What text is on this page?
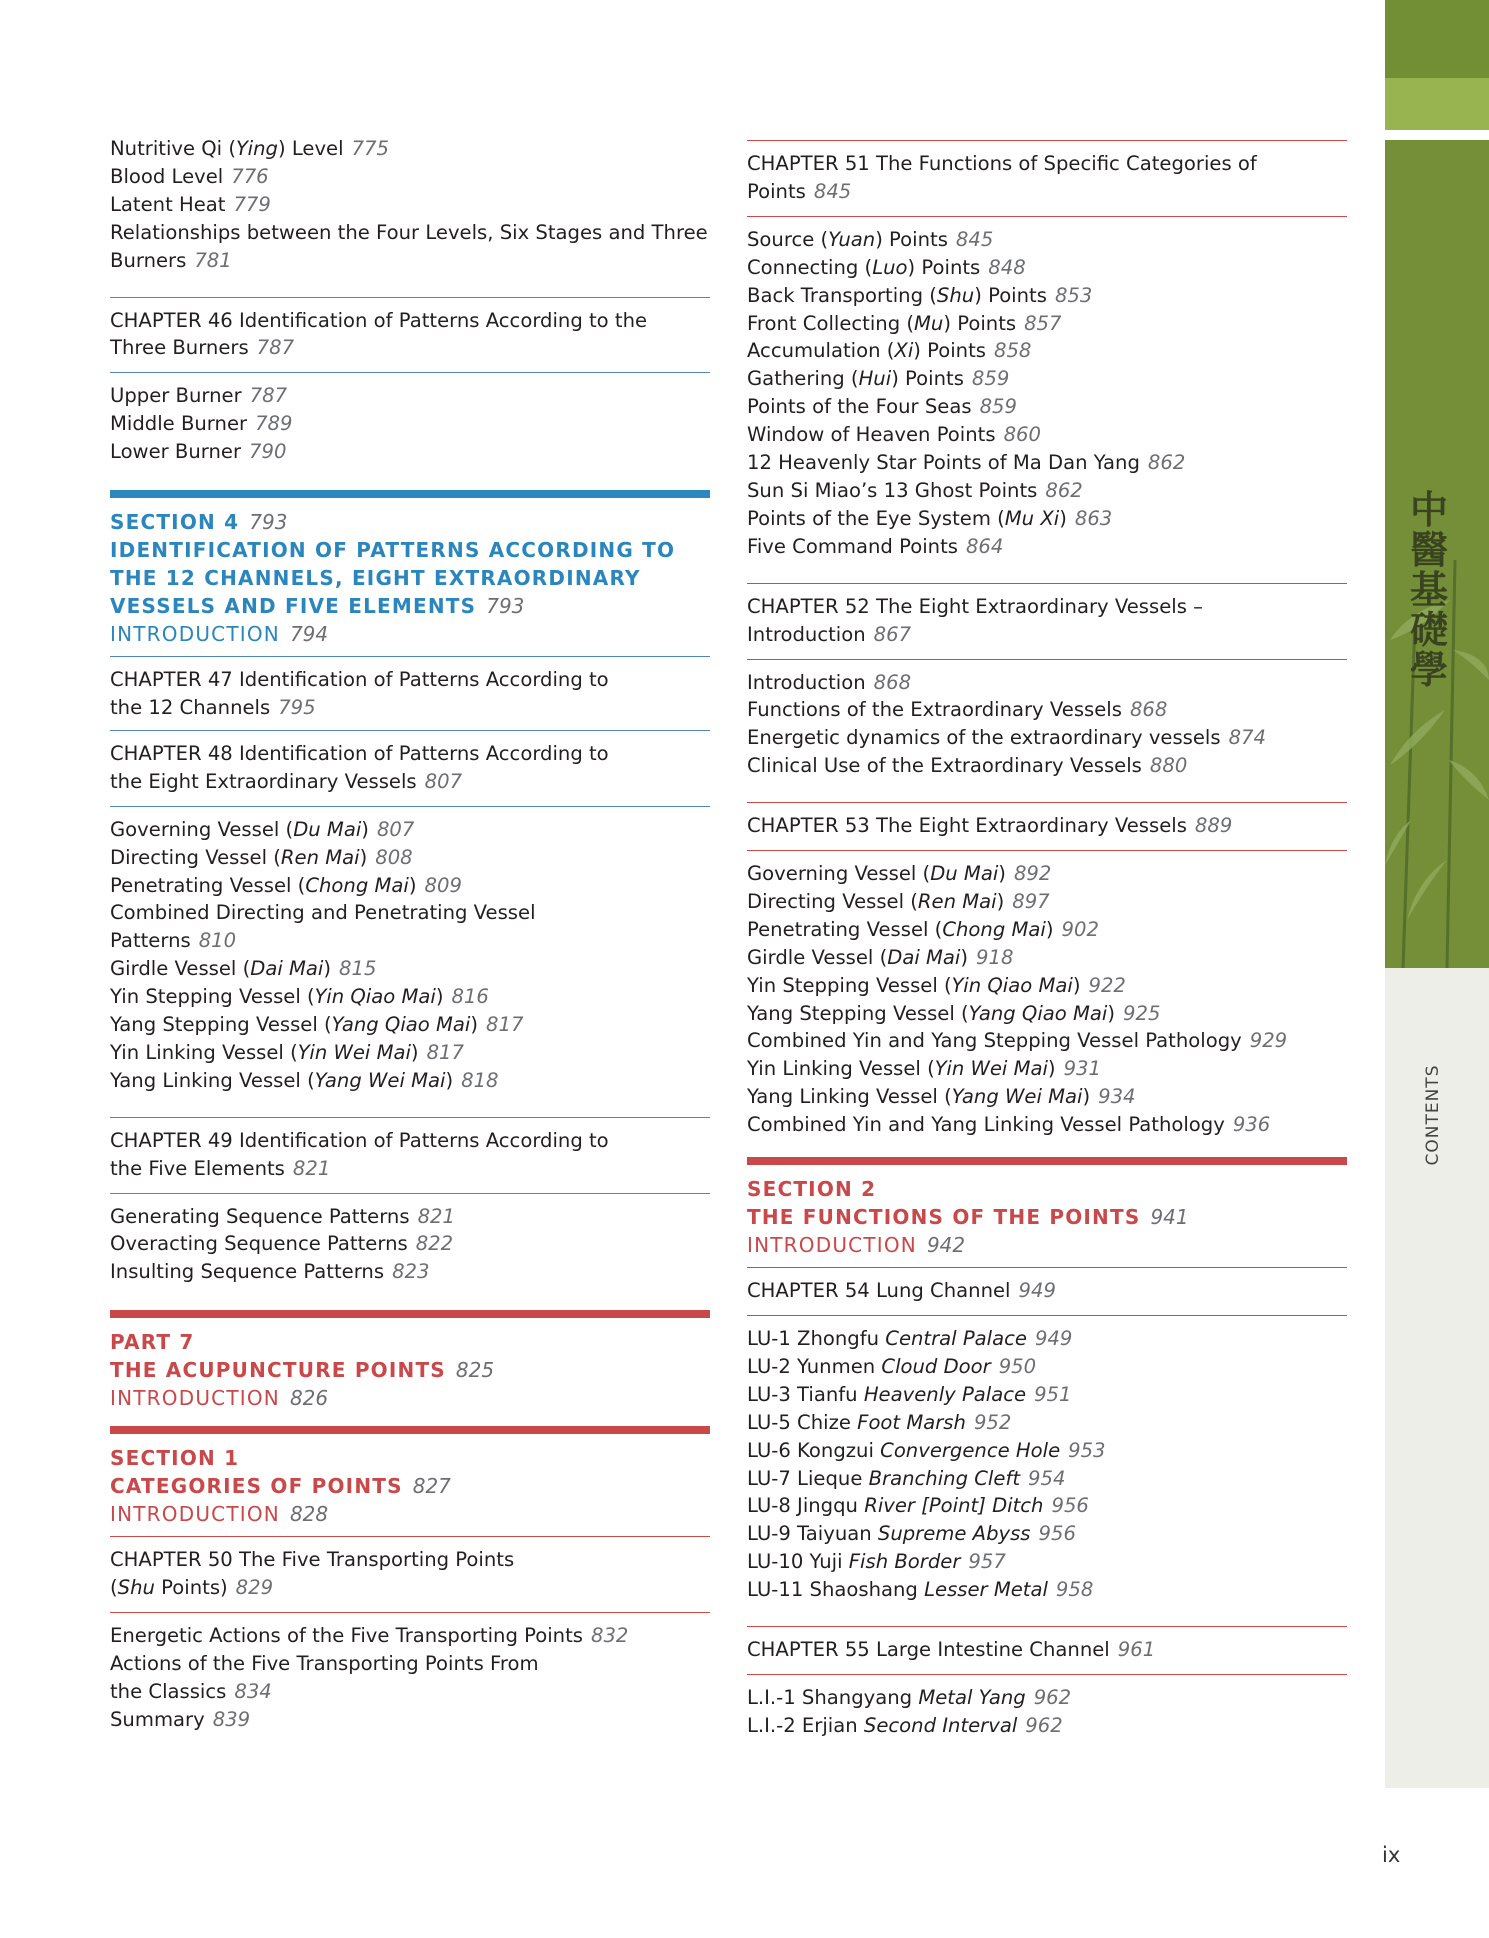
中
醫
基
礎
學
CONTENTS
Nutritive Qi (Ying) Level 775
Blood Level 776
Latent Heat 779
Relationships between the Four Levels, Six Stages and Three
Burners 781
CHAPTER 46 Identification of Patterns According to the
Three Burners 787
Upper Burner 787
Middle Burner 789
Lower Burner 790
SECTION 4 793
IDENTIFICATION OF PATTERNS ACCORDING TO
THE 12 CHANNELS, EIGHT EXTRAORDINARY
VESSELS AND FIVE ELEMENTS 793
INTRODUCTION 794
CHAPTER 47 Identification of Patterns According to
the 12 Channels 795
CHAPTER 48 Identification of Patterns According to
the Eight Extraordinary Vessels 807
Governing Vessel (Du Mai) 807
Directing Vessel (Ren Mai) 808
Penetrating Vessel (Chong Mai) 809
Combined Directing and Penetrating Vessel
Patterns 810
Girdle Vessel (Dai Mai) 815
Yin Stepping Vessel (Yin Qiao Mai) 816
Yang Stepping Vessel (Yang Qiao Mai) 817
Yin Linking Vessel (Yin Wei Mai) 817
Yang Linking Vessel (Yang Wei Mai) 818
CHAPTER 49 Identification of Patterns According to
the Five Elements 821
Generating Sequence Patterns 821
Overacting Sequence Patterns 822
Insulting Sequence Patterns 823
PART 7
THE ACUPUNCTURE POINTS 825
INTRODUCTION 826
SECTION 1
CATEGORIES OF POINTS 827
INTRODUCTION 828
CHAPTER 50 The Five Transporting Points
(Shu Points) 829
Energetic Actions of the Five Transporting Points 832
Actions of the Five Transporting Points From
the Classics 834
Summary 839
CHAPTER 51 The Functions of Specific Categories of
Points 845
Source (Yuan) Points 845
Connecting (Luo) Points 848
Back Transporting (Shu) Points 853
Front Collecting (Mu) Points 857
Accumulation (Xi) Points 858
Gathering (Hui) Points 859
Points of the Four Seas 859
Window of Heaven Points 860
12 Heavenly Star Points of Ma Dan Yang 862
Sun Si Miao’s 13 Ghost Points 862
Points of the Eye System (Mu Xi) 863
Five Command Points 864
CHAPTER 52 The Eight Extraordinary Vessels –
Introduction 867
Introduction 868
Functions of the Extraordinary Vessels 868
Energetic dynamics of the extraordinary vessels 874
Clinical Use of the Extraordinary Vessels 880
CHAPTER 53 The Eight Extraordinary Vessels 889
Governing Vessel (Du Mai) 892
Directing Vessel (Ren Mai) 897
Penetrating Vessel (Chong Mai) 902
Girdle Vessel (Dai Mai) 918
Yin Stepping Vessel (Yin Qiao Mai) 922
Yang Stepping Vessel (Yang Qiao Mai) 925
Combined Yin and Yang Stepping Vessel Pathology 929
Yin Linking Vessel (Yin Wei Mai) 931
Yang Linking Vessel (Yang Wei Mai) 934
Combined Yin and Yang Linking Vessel Pathology 936
SECTION 2
THE FUNCTIONS OF THE POINTS 941
INTRODUCTION 942
CHAPTER 54 Lung Channel 949
LU-1 Zhongfu Central Palace 949
LU-2 Yunmen Cloud Door 950
LU-3 Tianfu Heavenly Palace 951
LU-5 Chize Foot Marsh 952
LU-6 Kongzui Convergence Hole 953
LU-7 Lieque Branching Cleft 954
LU-8 Jingqu River [Point] Ditch 956
LU-9 Taiyuan Supreme Abyss 956
LU-10 Yuji Fish Border 957
LU-11 Shaoshang Lesser Metal 958
CHAPTER 55 Large Intestine Channel 961
L.I.-1 Shangyang Metal Yang 962
L.I.-2 Erjian Second Interval 962
ix
